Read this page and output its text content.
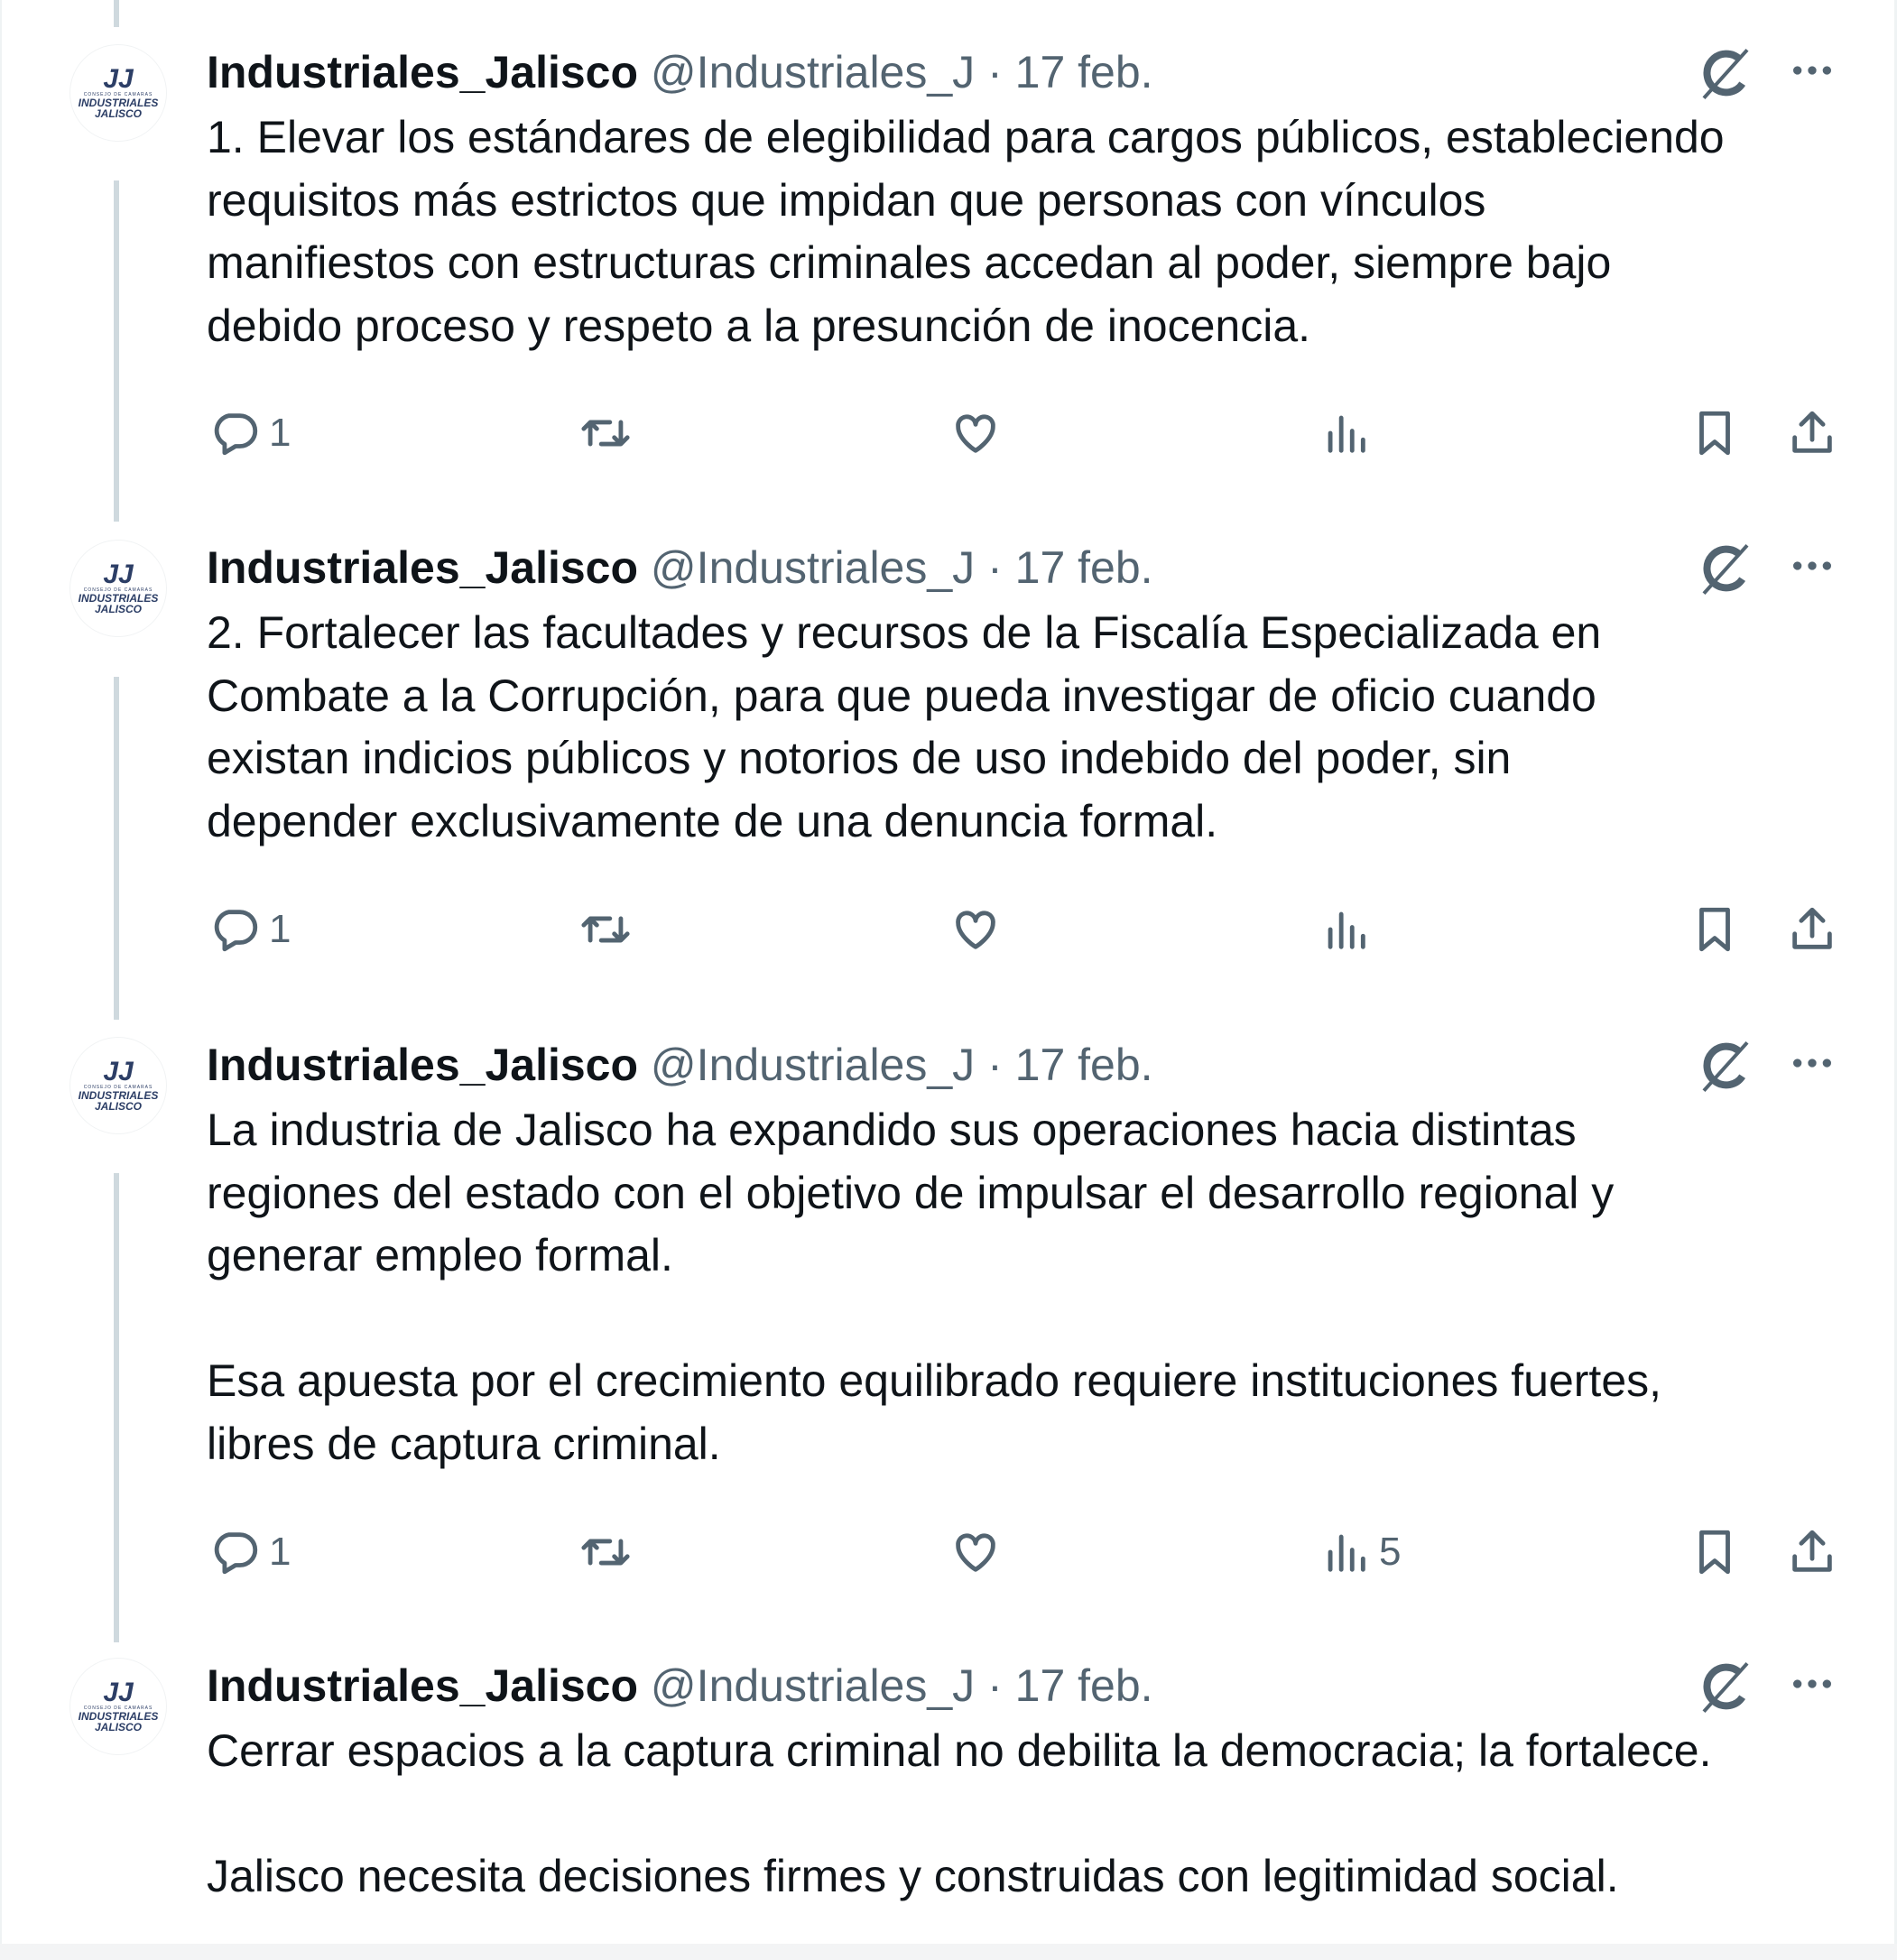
JJ
CONSEJO DE CAMARAS
INDUSTRIALES
JALISCO
Industriales_Jalisco @Industriales_J · 17 feb.
1. Elevar los estándares de elegibilidad para cargos públicos, estableciendo
requisitos más estrictos que impidan que personas con vínculos
manifiestos con estructuras criminales accedan al poder, siempre bajo
debido proceso y respeto a la presunción de inocencia.
1
JJ
CONSEJO DE CAMARAS
INDUSTRIALES
JALISCO
Industriales_Jalisco @Industriales_J · 17 feb.
2. Fortalecer las facultades y recursos de la Fiscalía Especializada en
Combate a la Corrupción, para que pueda investigar de oficio cuando
existan indicios públicos y notorios de uso indebido del poder, sin
depender exclusivamente de una denuncia formal.
1
JJ
CONSEJO DE CAMARAS
INDUSTRIALES
JALISCO
Industriales_Jalisco @Industriales_J · 17 feb.
La industria de Jalisco ha expandido sus operaciones hacia distintas
regiones del estado con el objetivo de impulsar el desarrollo regional y
generar empleo formal.
Esa apuesta por el crecimiento equilibrado requiere instituciones fuertes,
libres de captura criminal.
1	5
JJ
CONSEJO DE CAMARAS
INDUSTRIALES
JALISCO
Industriales_Jalisco @Industriales_J · 17 feb.
Cerrar espacios a la captura criminal no debilita la democracia; la fortalece.
Jalisco necesita decisiones firmes y construidas con legitimidad social.
